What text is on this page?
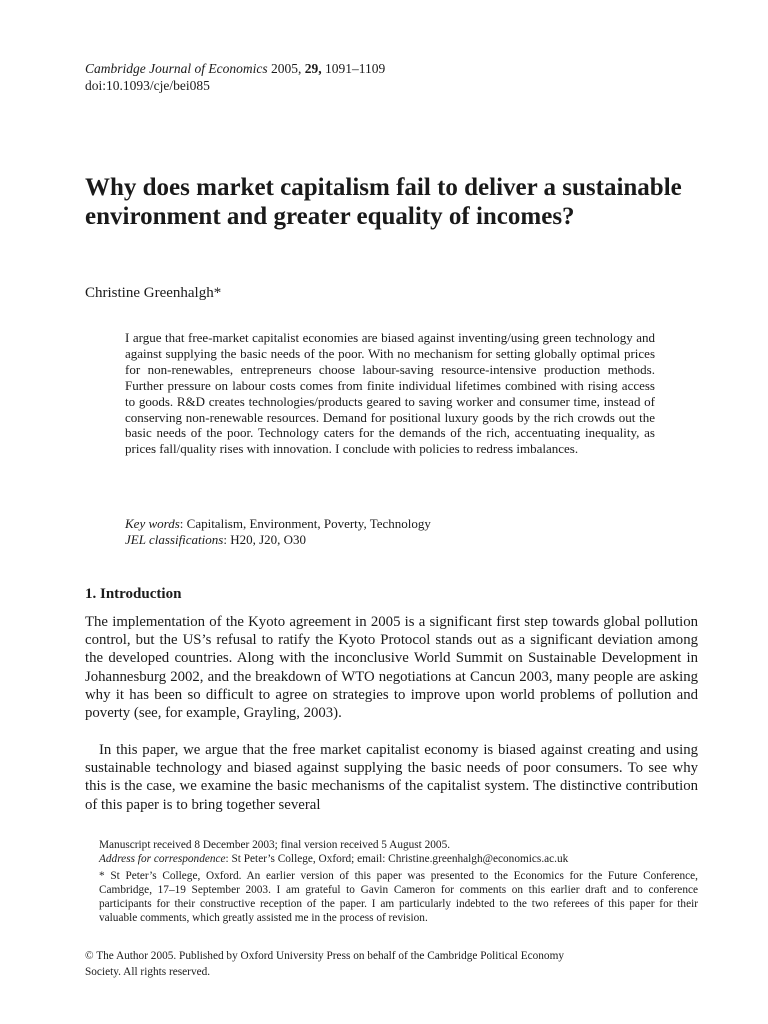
Cambridge Journal of Economics 2005, 29, 1091–1109
doi:10.1093/cje/bei085
Why does market capitalism fail to deliver a sustainable environment and greater equality of incomes?
Christine Greenhalgh*

I argue that free-market capitalist economies are biased against inventing/using green technology and against supplying the basic needs of the poor. With no mechanism for setting globally optimal prices for non-renewables, entrepreneurs choose labour-saving resource-intensive production methods. Further pressure on labour costs comes from finite individual lifetimes combined with rising access to goods. R&D creates technologies/products geared to saving worker and consumer time, instead of conserving non-renewable resources. Demand for positional luxury goods by the rich crowds out the basic needs of the poor. Technology caters for the demands of the rich, accentuating inequality, as prices fall/quality rises with innovation. I conclude with policies to redress imbalances.

Key words: Capitalism, Environment, Poverty, Technology
JEL classifications: H20, J20, O30
1. Introduction

The implementation of the Kyoto agreement in 2005 is a significant first step towards global pollution control, but the US’s refusal to ratify the Kyoto Protocol stands out as a significant deviation among the developed countries. Along with the inconclusive World Summit on Sustainable Development in Johannesburg 2002, and the breakdown of WTO negotiations at Cancun 2003, many people are asking why it has been so difficult to agree on strategies to improve upon world problems of pollution and poverty (see, for example, Grayling, 2003).

In this paper, we argue that the free market capitalist economy is biased against creating and using sustainable technology and biased against supplying the basic needs of poor consumers. To see why this is the case, we examine the basic mechanisms of the capitalist system. The distinctive contribution of this paper is to bring together several

Manuscript received 8 December 2003; final version received 5 August 2005.
Address for correspondence: St Peter’s College, Oxford; email: Christine.greenhalgh@economics.ac.uk
* St Peter’s College, Oxford. An earlier version of this paper was presented to the Economics for the Future Conference, Cambridge, 17–19 September 2003. I am grateful to Gavin Cameron for comments on this earlier draft and to conference participants for their constructive reception of the paper. I am particularly indebted to the two referees of this paper for their valuable comments, which greatly assisted me in the process of revision.
© The Author 2005. Published by Oxford University Press on behalf of the Cambridge Political Economy
Society. All rights reserved.
